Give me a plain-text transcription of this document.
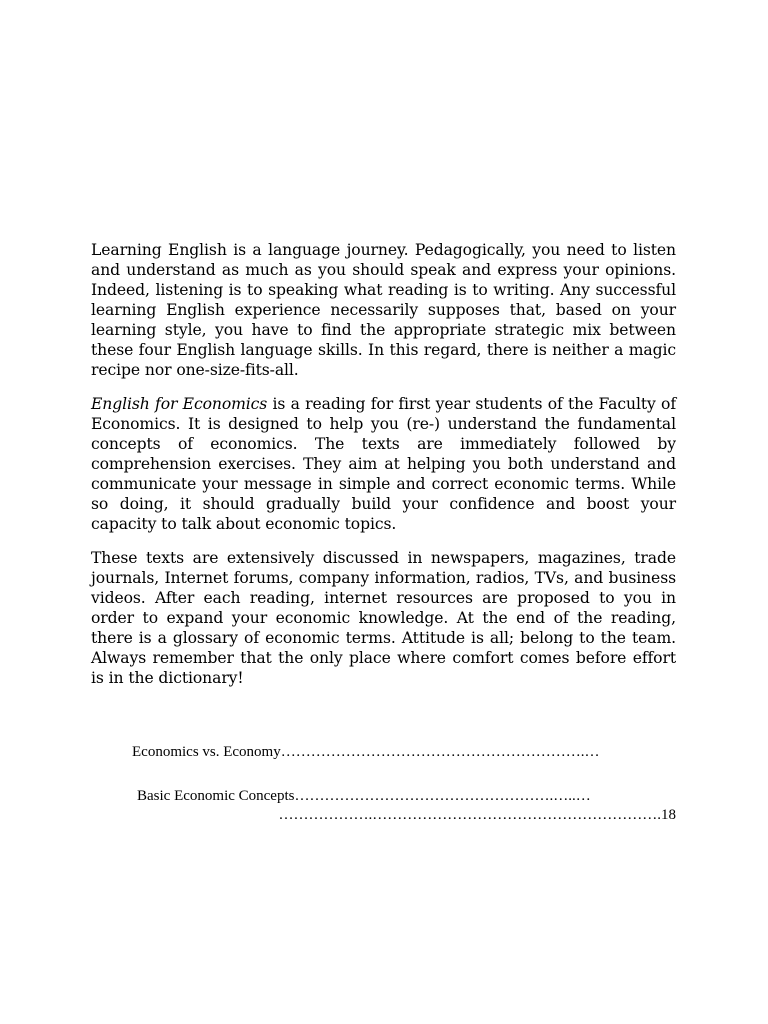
Learning English is a language journey. Pedagogically, you need to listen and understand as much as you should speak and express your opinions. Indeed, listening is to speaking what reading is to writing. Any successful learning English experience necessarily supposes that, based on your learning style, you have to find the appropriate strategic mix between these four English language skills. In this regard, there is neither a magic recipe nor one-size-fits-all.

English for Economics is a reading for first year students of the Faculty of Economics. It is designed to help you (re-) understand the fundamental concepts of economics. The texts are immediately followed by comprehension exercises. They aim at helping you both understand and communicate your message in simple and correct economic terms. While so doing, it should gradually build your confidence and boost your capacity to talk about economic topics.

These texts are extensively discussed in newspapers, magazines, trade journals, Internet forums, company information, radios, TVs, and business videos. After each reading, internet resources are proposed to you in order to expand your economic knowledge. At the end of the reading, there is a glossary of economic terms. Attitude is all; belong to the team. Always remember that the only place where comfort comes before effort is in the dictionary!

Economics vs. Economy…………………………………………………….…
Basic Economic Concepts…………………………………………….…..…
……………….………………………………………………….18
